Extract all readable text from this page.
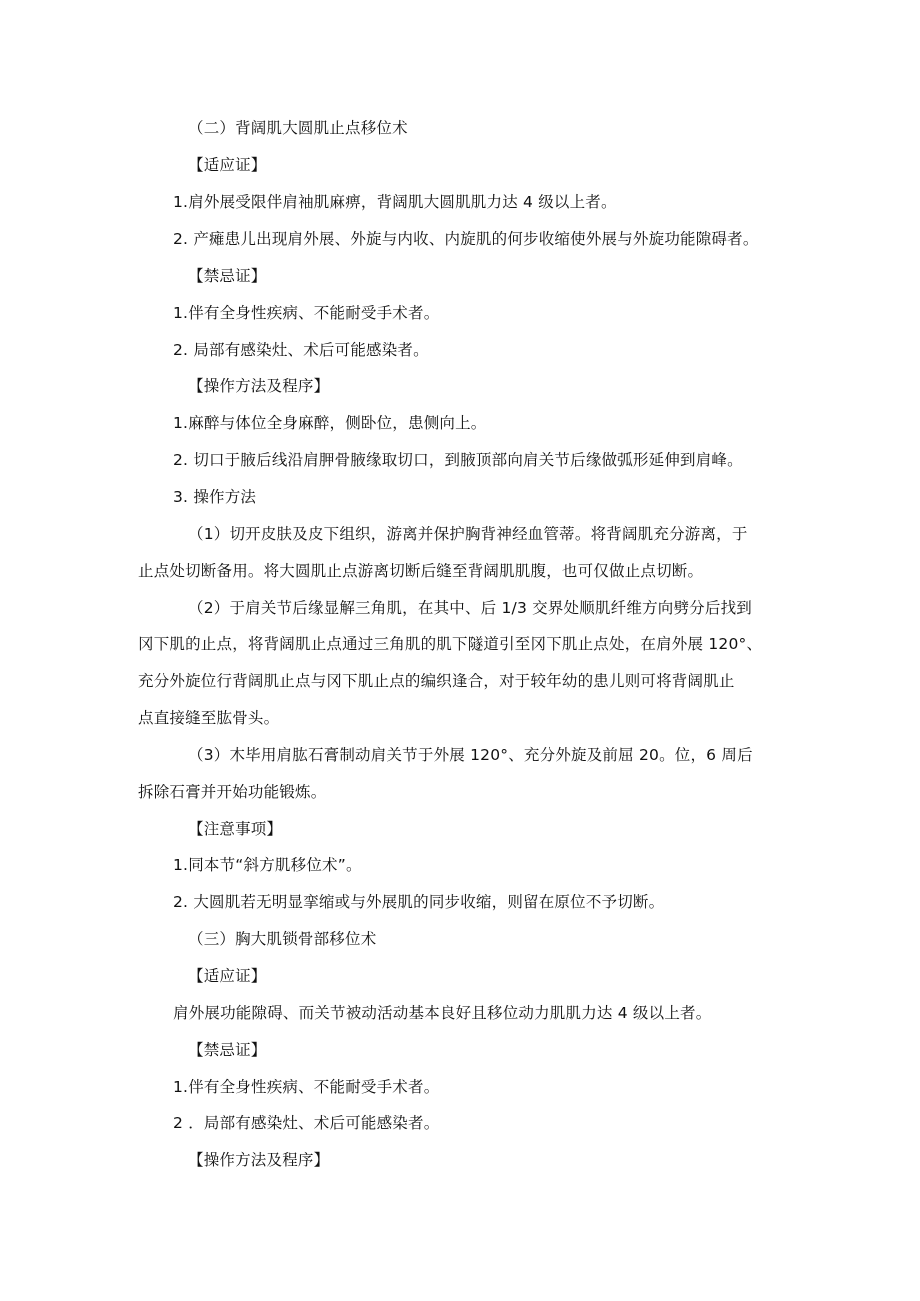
（二）背阔肌大圆肌止点移位术
【适应证】
1.肩外展受限伴肩袖肌麻痹，背阔肌大圆肌肌力达 4 级以上者。
2. 产瘫患儿出现肩外展、外旋与内收、内旋肌的何步收缩使外展与外旋功能隙碍者。
【禁忌证】
1.伴有全身性疾病、不能耐受手术者。
2. 局部有感染灶、术后可能感染者。
【操作方法及程序】
1.麻醉与体位全身麻醉，侧卧位，患侧向上。
2. 切口于腋后线沿肩胛骨腋缘取切口，到腋顶部向肩关节后缘做弧形延伸到肩峰。
3. 操作方法
（1）切开皮肤及皮下组织，游离并保护胸背神经血管蒂。将背阔肌充分游离，于
止点处切断备用。将大圆肌止点游离切断后缝至背阔肌肌腹，也可仅做止点切断。
（2）于肩关节后缘显解三角肌，在其中、后 1/3 交界处顺肌纤维方向劈分后找到
冈下肌的止点，将背阔肌止点通过三角肌的肌下隧道引至冈下肌止点处，在肩外展 120°、
充分外旋位行背阔肌止点与冈下肌止点的编织逢合，对于较年幼的患儿则可将背阔肌止
点直接缝至肱骨头。
（3）木毕用肩肱石膏制动肩关节于外展 120°、充分外旋及前屈 20。位，6 周后
拆除石膏并开始功能锻炼。
【注意事项】
1.同本节“斜方肌移位术”。
2. 大圆肌若无明显挛缩或与外展肌的同步收缩，则留在原位不予切断。
（三）胸大肌锁骨部移位术
【适应证】
肩外展功能隙碍、而关节被动活动基本良好且移位动力肌肌力达 4 级以上者。
【禁忌证】
1.伴有全身性疾病、不能耐受手术者。
2 ．局部有感染灶、术后可能感染者。
【操作方法及程序】
